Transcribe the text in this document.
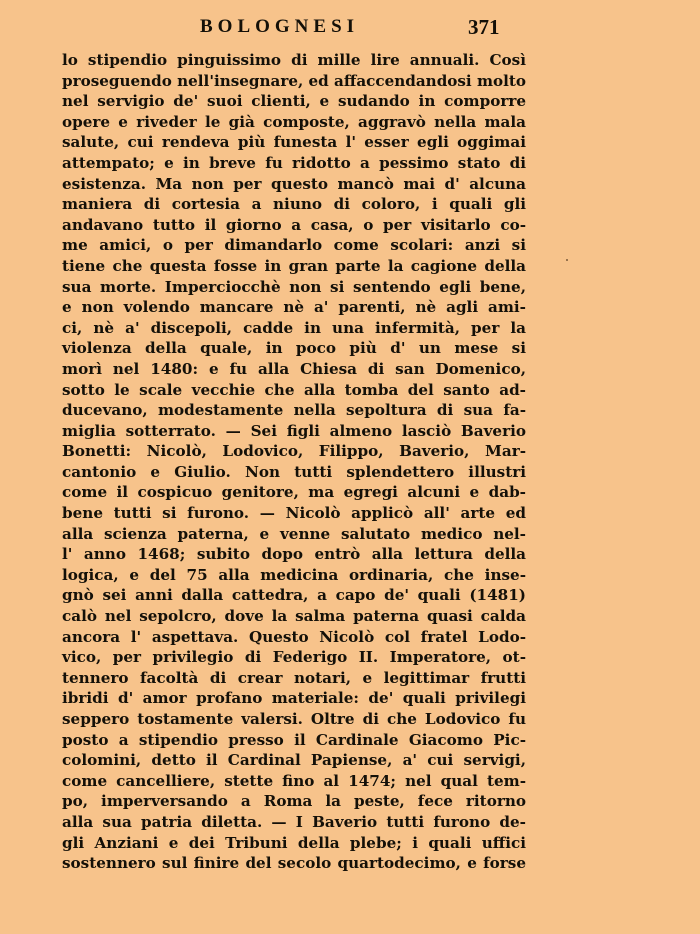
BOLOGNESI	371
lo stipendio pinguissimo di mille lire annuali. Così
proseguendo nell'insegnare, ed affaccendandosi molto
nel servigio de' suoi clienti, e sudando in comporre
opere e riveder le già composte, aggravò nella mala
salute, cui rendeva più funesta l' esser egli oggimai
attempato; e in breve fu ridotto a pessimo stato di
esistenza. Ma non per questo mancò mai d' alcuna
maniera di cortesia a niuno di coloro, i quali gli
andavano tutto il giorno a casa, o per visitarlo co-
me amici, o per dimandarlo come scolari: anzi si
tiene che questa fosse in gran parte la cagione della
sua morte. Imperciocchè non si sentendo egli bene,
e non volendo mancare nè a' parenti, nè agli ami-
ci, nè a' discepoli, cadde in una infermità, per la
violenza della quale, in poco più d' un mese si
morì nel 1480: e fu alla Chiesa di san Domenico,
sotto le scale vecchie che alla tomba del santo ad-
ducevano, modestamente nella sepoltura di sua fa-
miglia sotterrato. — Sei figli almeno lasciò Baverio
Bonetti: Nicolò, Lodovico, Filippo, Baverio, Mar-
cantonio e Giulio. Non tutti splendettero illustri
come il cospicuo genitore, ma egregi alcuni e dab-
bene tutti si furono. — Nicolò applicò all' arte ed
alla scienza paterna, e venne salutato medico nel-
l' anno 1468; subito dopo entrò alla lettura della
logica, e del 75 alla medicina ordinaria, che inse-
gnò sei anni dalla cattedra, a capo de' quali (1481)
calò nel sepolcro, dove la salma paterna quasi calda
ancora l' aspettava. Questo Nicolò col fratel Lodo-
vico, per privilegio di Federigo II. Imperatore, ot-
tennero facoltà di crear notari, e legittimar frutti
ibridi d' amor profano materiale: de' quali privilegi
seppero tostamente valersi. Oltre di che Lodovico fu
posto a stipendio presso il Cardinale Giacomo Pic-
colomini, detto il Cardinal Papiense, a' cui servigi,
come cancelliere, stette fino al 1474; nel qual tem-
po, imperversando a Roma la peste, fece ritorno
alla sua patria diletta. — I Baverio tutti furono de-
gli Anziani e dei Tribuni della plebe; i quali uffici
sostennero sul finire del secolo quartodecimo, e forse
